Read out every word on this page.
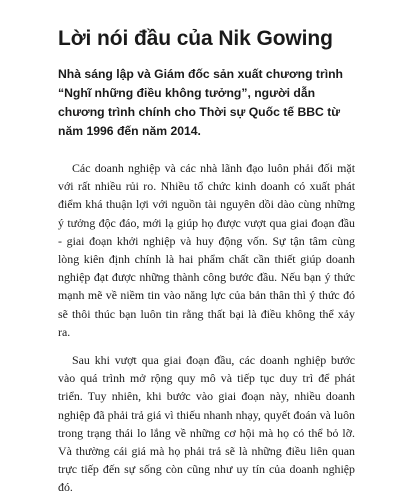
Lời nói đầu của Nik Gowing

Nhà sáng lập và Giám đốc sản xuất chương trình “Nghĩ những điều không tưởng”, người dẫn chương trình chính cho Thời sự Quốc tế BBC từ năm 1996 đến năm 2014.

Các doanh nghiệp và các nhà lãnh đạo luôn phải đối mặt với rất nhiều rủi ro. Nhiều tổ chức kinh doanh có xuất phát điểm khá thuận lợi với nguồn tài nguyên dồi dào cùng những ý tưởng độc đáo, mới lạ giúp họ được vượt qua giai đoạn đầu - giai đoạn khởi nghiệp và huy động vốn. Sự tận tâm cùng lòng kiên định chính là hai phẩm chất cần thiết giúp doanh nghiệp đạt được những thành công bước đầu. Nếu bạn ý thức mạnh mẽ về niềm tin vào năng lực của bản thân thì ý thức đó sẽ thôi thúc bạn luôn tin rằng thất bại là điều không thể xảy ra.

Sau khi vượt qua giai đoạn đầu, các doanh nghiệp bước vào quá trình mở rộng quy mô và tiếp tục duy trì để phát triển. Tuy nhiên, khi bước vào giai đoạn này, nhiều doanh nghiệp đã phải trả giá vì thiếu nhanh nhạy, quyết đoán và luôn trong trạng thái lo lắng về những cơ hội mà họ có thể bỏ lỡ. Và thường cái giá mà họ phải trả sẽ là những điều liên quan trực tiếp đến sự sống còn cũng như uy tín của doanh nghiệp đó.
